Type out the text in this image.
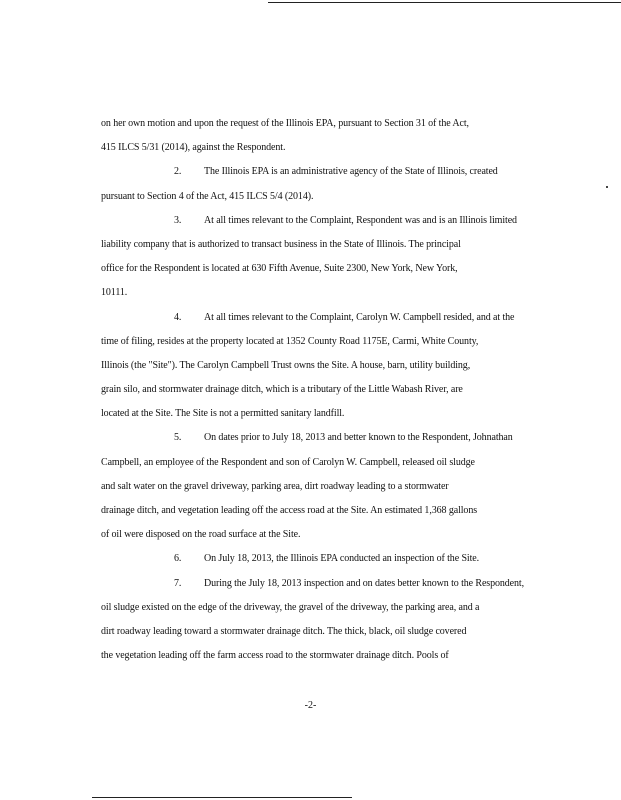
on her own motion and upon the request of the Illinois EPA, pursuant to Section 31 of the Act,
415 ILCS 5/31 (2014), against the Respondent.
2. The Illinois EPA is an administrative agency of the State of Illinois, created
pursuant to Section 4 of the Act, 415 ILCS 5/4 (2014).
3. At all times relevant to the Complaint, Respondent was and is an Illinois limited
liability company that is authorized to transact business in the State of Illinois. The principal
office for the Respondent is located at 630 Fifth Avenue, Suite 2300, New York, New York,
10111.
4. At all times relevant to the Complaint, Carolyn W. Campbell resided, and at the
time of filing, resides at the property located at 1352 County Road 1175E, Carmi, White County,
Illinois (the "Site"). The Carolyn Campbell Trust owns the Site. A house, barn, utility building,
grain silo, and stormwater drainage ditch, which is a tributary of the Little Wabash River, are
located at the Site. The Site is not a permitted sanitary landfill.
5. On dates prior to July 18, 2013 and better known to the Respondent, Johnathan
Campbell, an employee of the Respondent and son of Carolyn W. Campbell, released oil sludge
and salt water on the gravel driveway, parking area, dirt roadway leading to a stormwater
drainage ditch, and vegetation leading off the access road at the Site. An estimated 1,368 gallons
of oil were disposed on the road surface at the Site.
6. On July 18, 2013, the Illinois EPA conducted an inspection of the Site.
7. During the July 18, 2013 inspection and on dates better known to the Respondent,
oil sludge existed on the edge of the driveway, the gravel of the driveway, the parking area, and a
dirt roadway leading toward a stormwater drainage ditch. The thick, black, oil sludge covered
the vegetation leading off the farm access road to the stormwater drainage ditch. Pools of
-2-
